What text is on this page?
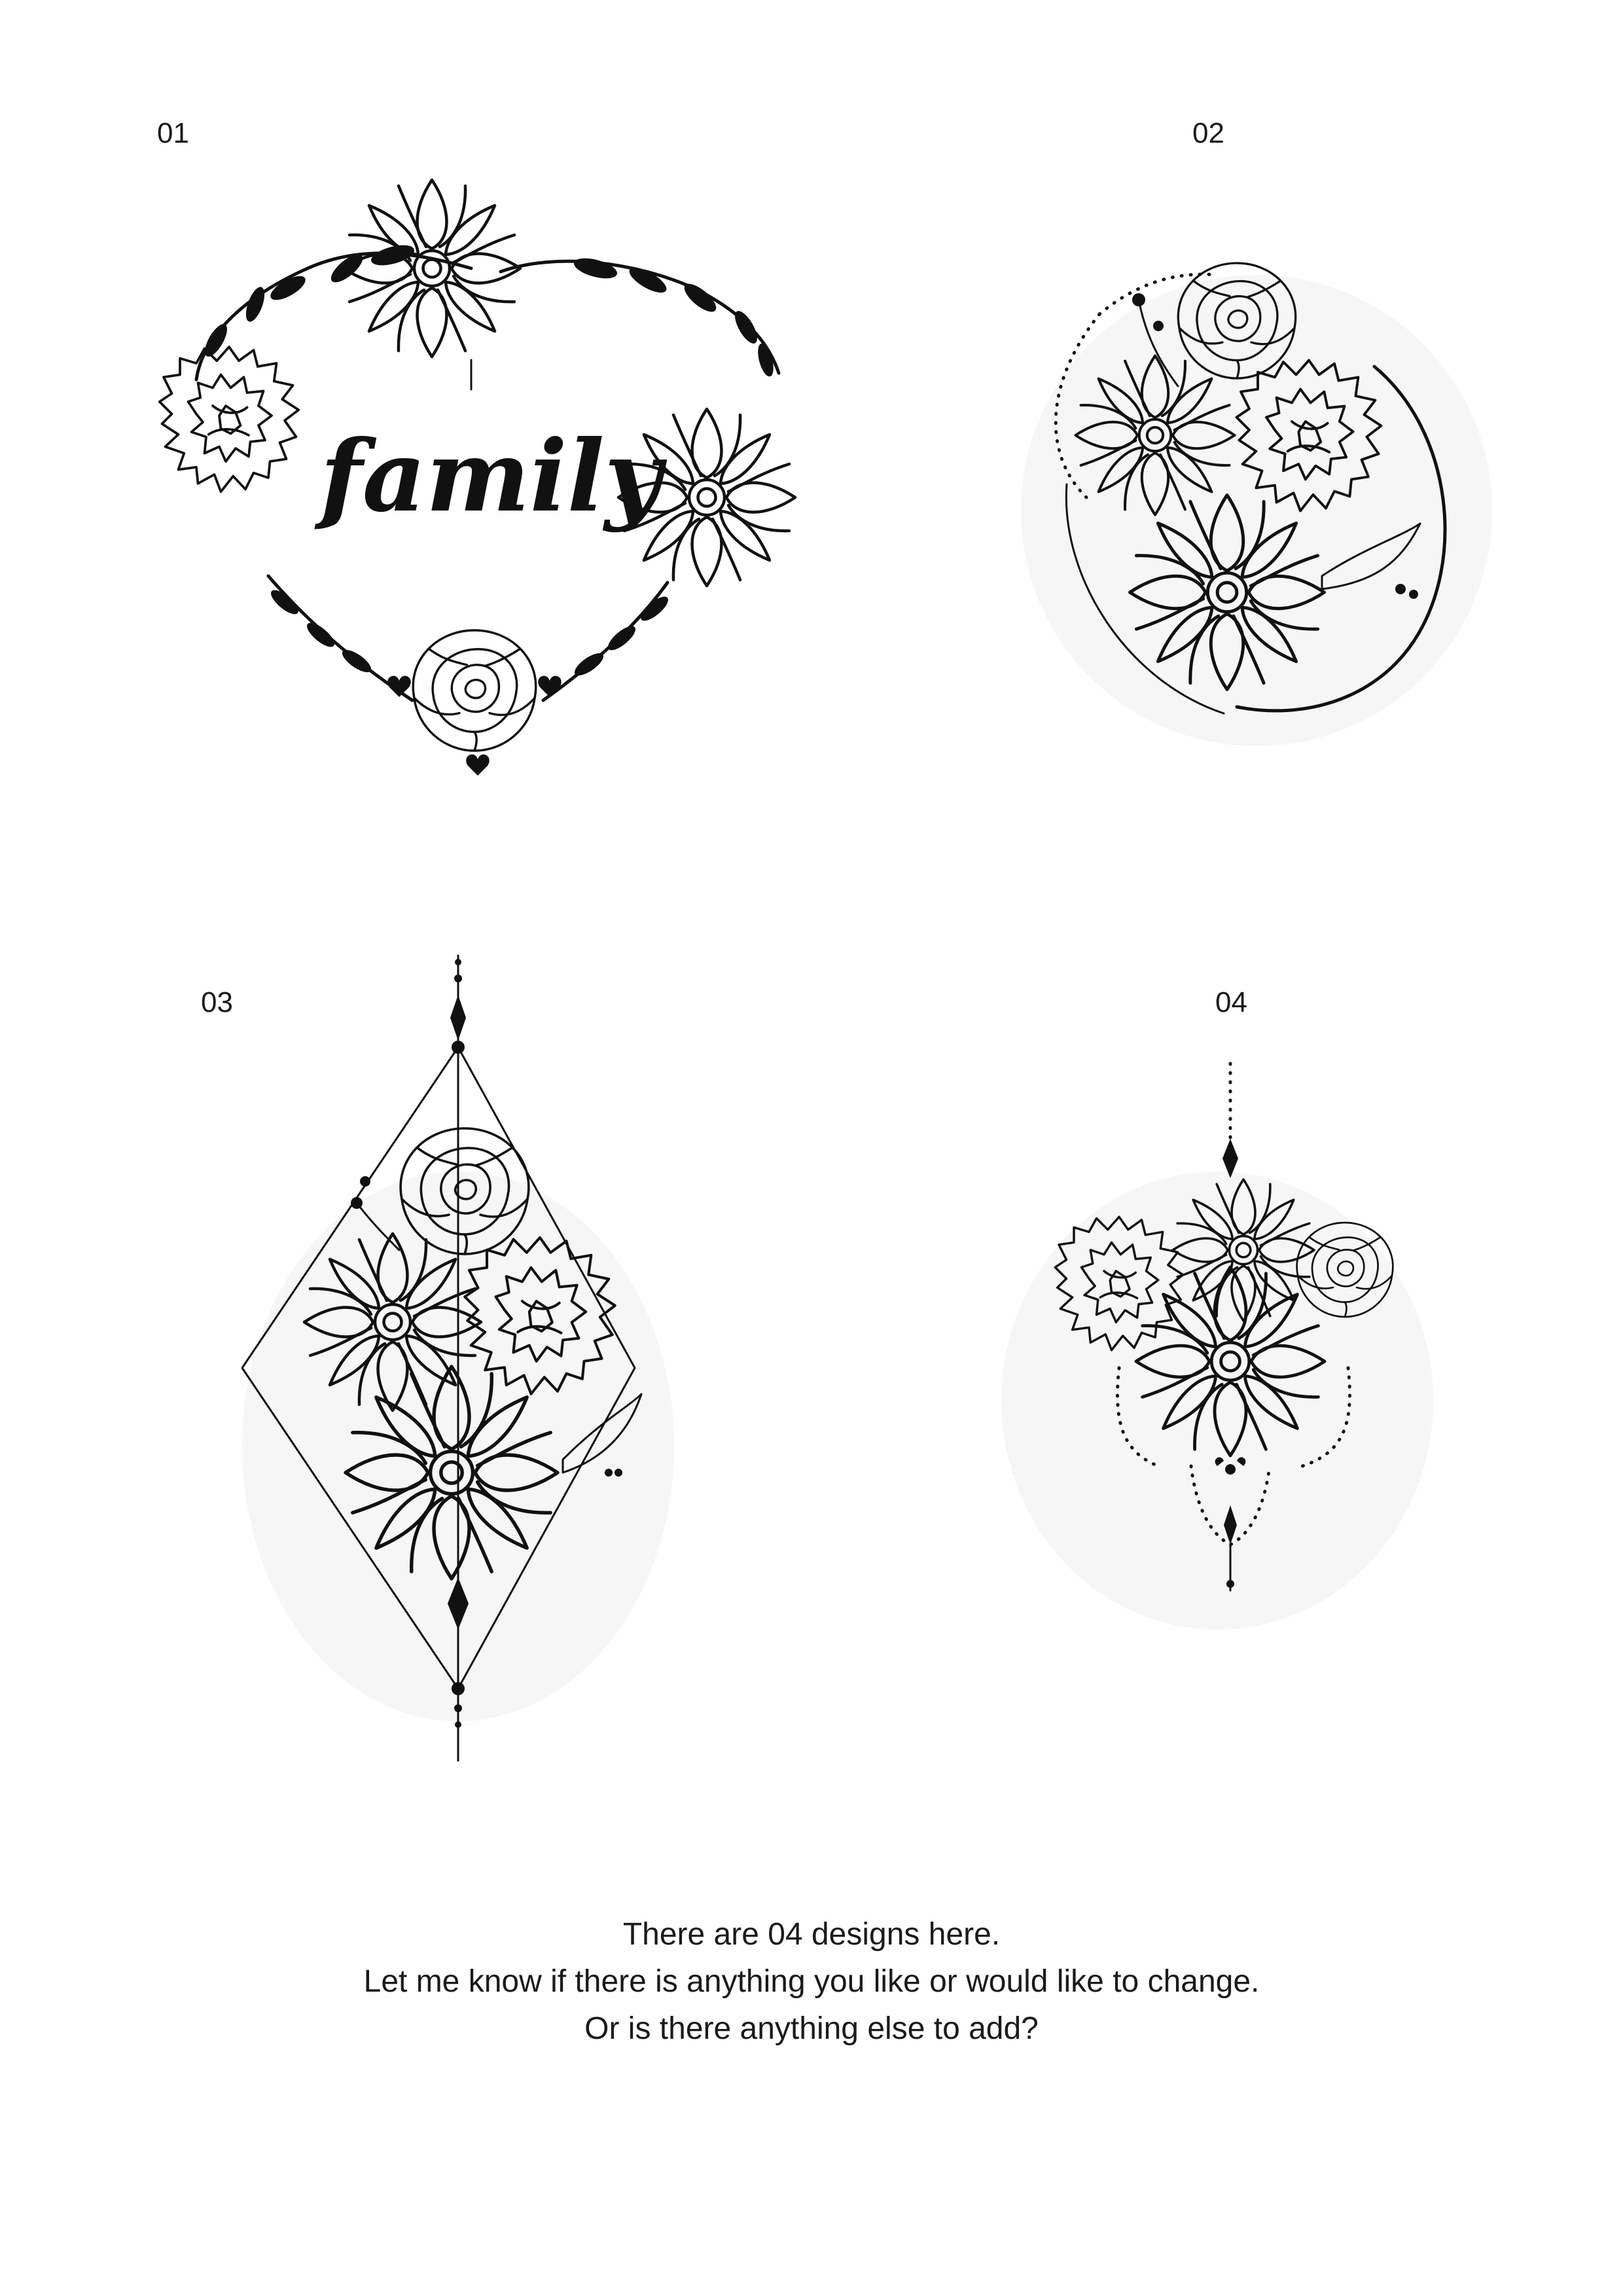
01	02
03	04
family
There are 04 designs here.
Let me know if there is anything you like or would like to change.
Or is there anything else to add?
